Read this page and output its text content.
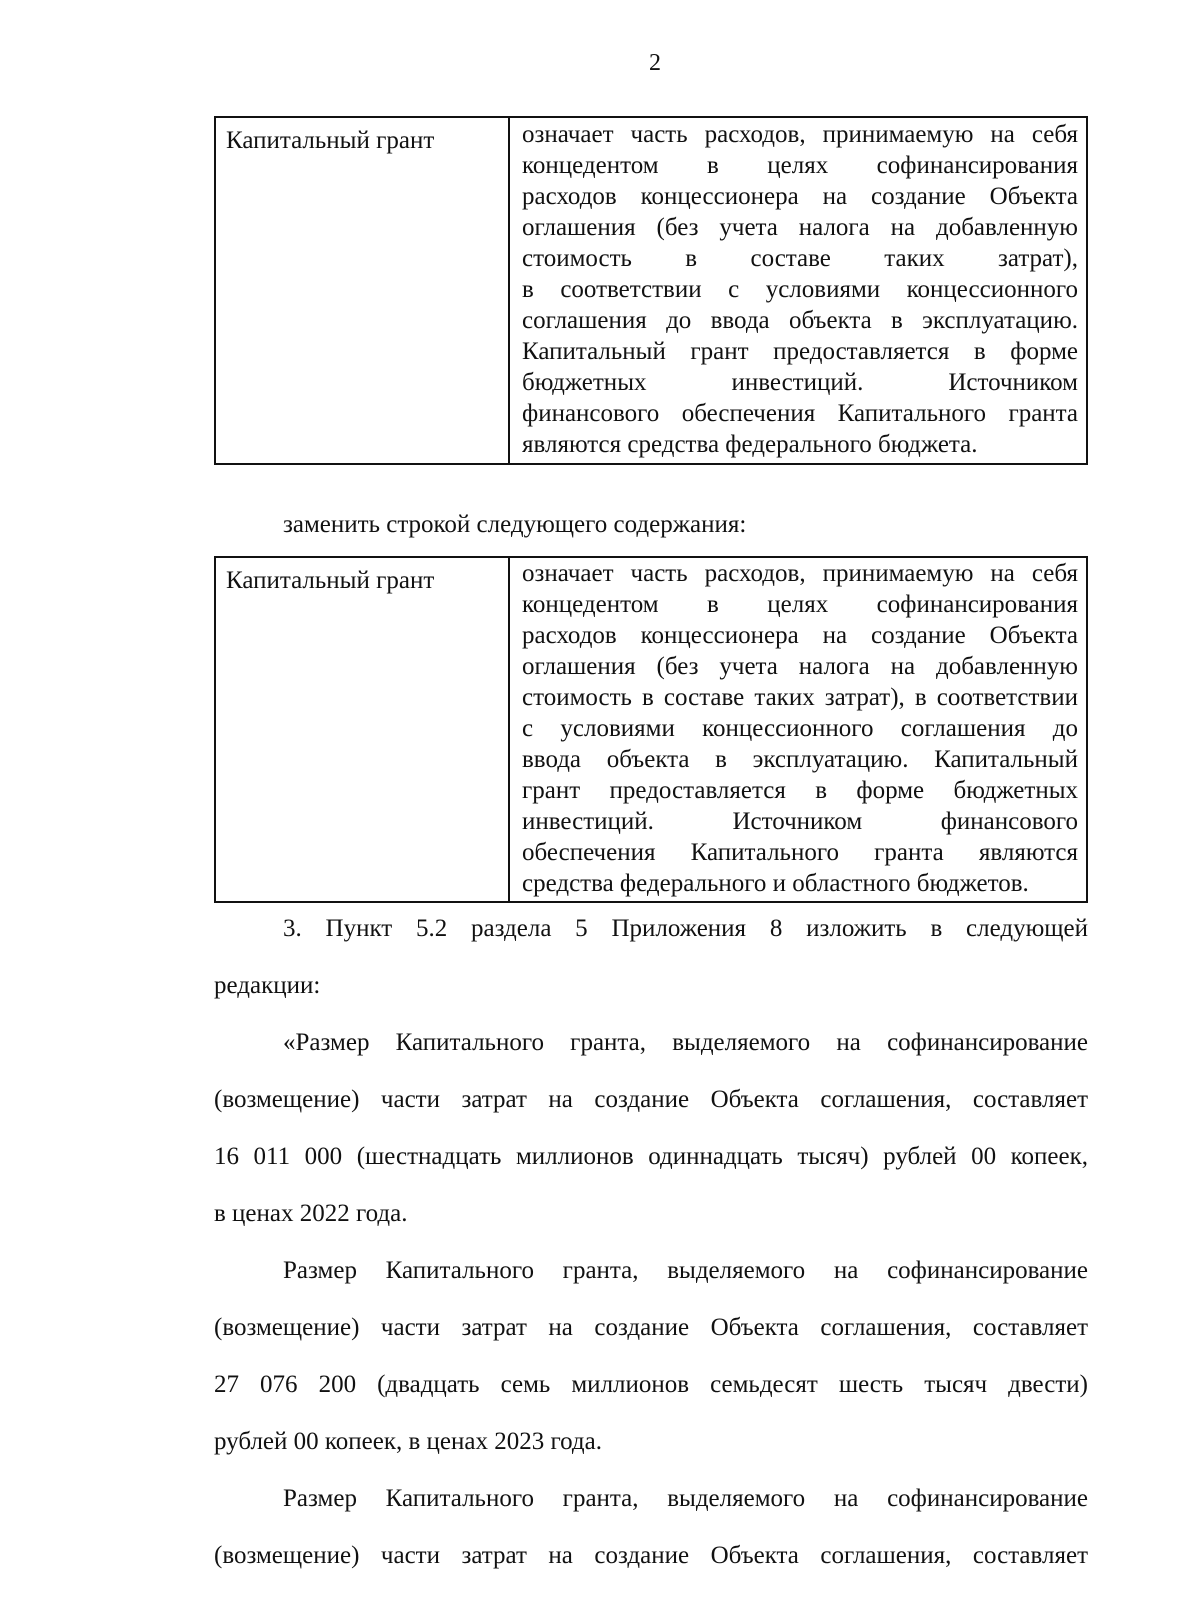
2
Капитальный грант	означает часть расходов, принимаемую на себя
концедентом в целях софинансирования
расходов концессионера на создание Объекта
оглашения (без учета налога на добавленную
стоимость в составе таких затрат),
в соответствии с условиями концессионного
соглашения до ввода объекта в эксплуатацию.
Капитальный грант предоставляется в форме
бюджетных инвестиций. Источником
финансового обеспечения Капитального гранта
являются средства федерального бюджета.
заменить строкой следующего содержания:
Капитальный грант	означает часть расходов, принимаемую на себя
концедентом в целях софинансирования
расходов концессионера на создание Объекта
оглашения (без учета налога на добавленную
стоимость в составе таких затрат), в соответствии
с условиями концессионного соглашения до
ввода объекта в эксплуатацию. Капитальный
грант предоставляется в форме бюджетных
инвестиций. Источником финансового
обеспечения Капитального гранта являются
средства федерального и областного бюджетов.
3. Пункт 5.2 раздела 5 Приложения 8 изложить в следующей
редакции:
«Размер Капитального гранта, выделяемого на софинансирование
(возмещение) части затрат на создание Объекта соглашения, составляет
16 011 000 (шестнадцать миллионов одиннадцать тысяч) рублей 00 копеек,
в ценах 2022 года.
Размер Капитального гранта, выделяемого на софинансирование
(возмещение) части затрат на создание Объекта соглашения, составляет
27 076 200 (двадцать семь миллионов семьдесят шесть тысяч двести)
рублей 00 копеек, в ценах 2023 года.
Размер Капитального гранта, выделяемого на софинансирование
(возмещение) части затрат на создание Объекта соглашения, составляет
